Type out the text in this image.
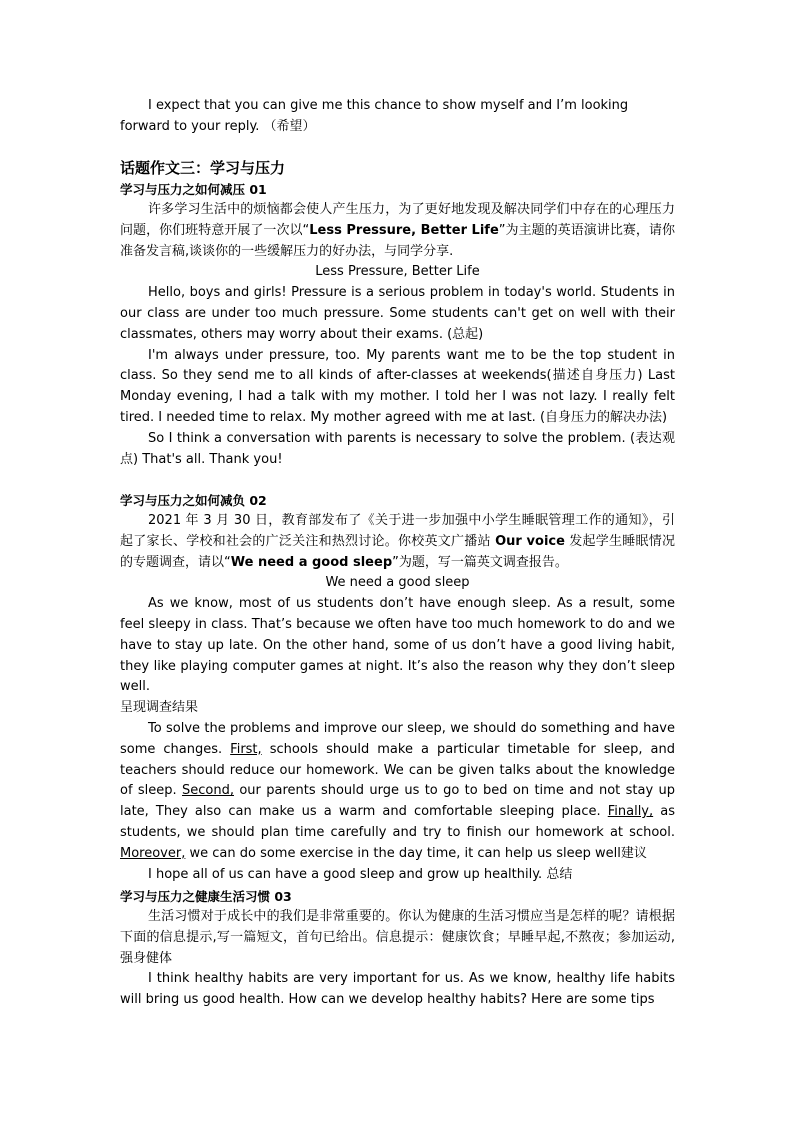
I expect that you can give me this chance to show myself and I’m looking

forward to your reply. （希望）

话题作文三：学习与压力

学习与压力之如何减压 01

许多学习生活中的烦恼都会使人产生压力，为了更好地发现及解决同学们中存在的心理压力问题，你们班特意开展了一次以“Less Pressure, Better Life”为主题的英语演讲比赛，请你准备发言稿,谈谈你的一些缓解压力的好办法，与同学分享.

Less Pressure, Better Life

Hello, boys and girls! Pressure is a serious problem in today's world. Students in our class are under too much pressure. Some students can't get on well with their classmates, others may worry about their exams. (总起)

I'm always under pressure, too. My parents want me to be the top student in class. So they send me to all kinds of after-classes at weekends(描述自身压力) Last Monday evening, I had a talk with my mother. I told her I was not lazy. I really felt tired. I needed time to relax. My mother agreed with me at last. (自身压力的解决办法)

So I think a conversation with parents is necessary to solve the problem. (表达观点) That's all. Thank you!

学习与压力之如何减负 02

2021 年 3 月 30 日，教育部发布了《关于进一步加强中小学生睡眠管理工作的通知》，引起了家长、学校和社会的广泛关注和热烈讨论。你校英文广播站 Our voice 发起学生睡眠情况的专题调查，请以“We need a good sleep”为题，写一篇英文调查报告。

We need a good sleep

As we know, most of us students don’t have enough sleep. As a result, some feel sleepy in class. That’s because we often have too much homework to do and we have to stay up late. On the other hand, some of us don’t have a good living habit, they like playing computer games at night. It’s also the reason why they don’t sleep well.

呈现调查结果

To solve the problems and improve our sleep, we should do something and have some changes. First, schools should make a particular timetable for sleep, and teachers should reduce our homework. We can be given talks about the knowledge of sleep. Second, our parents should urge us to go to bed on time and not stay up late, They also can make us a warm and comfortable sleeping place. Finally, as students, we should plan time carefully and try to finish our homework at school. Moreover, we can do some exercise in the day time, it can help us sleep well建议

I hope all of us can have a good sleep and grow up healthily. 总结

学习与压力之健康生活习惯 03

生活习惯对于成长中的我们是非常重要的。你认为健康的生活习惯应当是怎样的呢？请根据下面的信息提示,写一篇短文，首句已给出。信息提示：健康饮食；早睡早起,不熬夜；参加运动,强身健体

I think healthy habits are very important for us. As we know, healthy life habits will bring us good health. How can we develop healthy habits? Here are some tips
